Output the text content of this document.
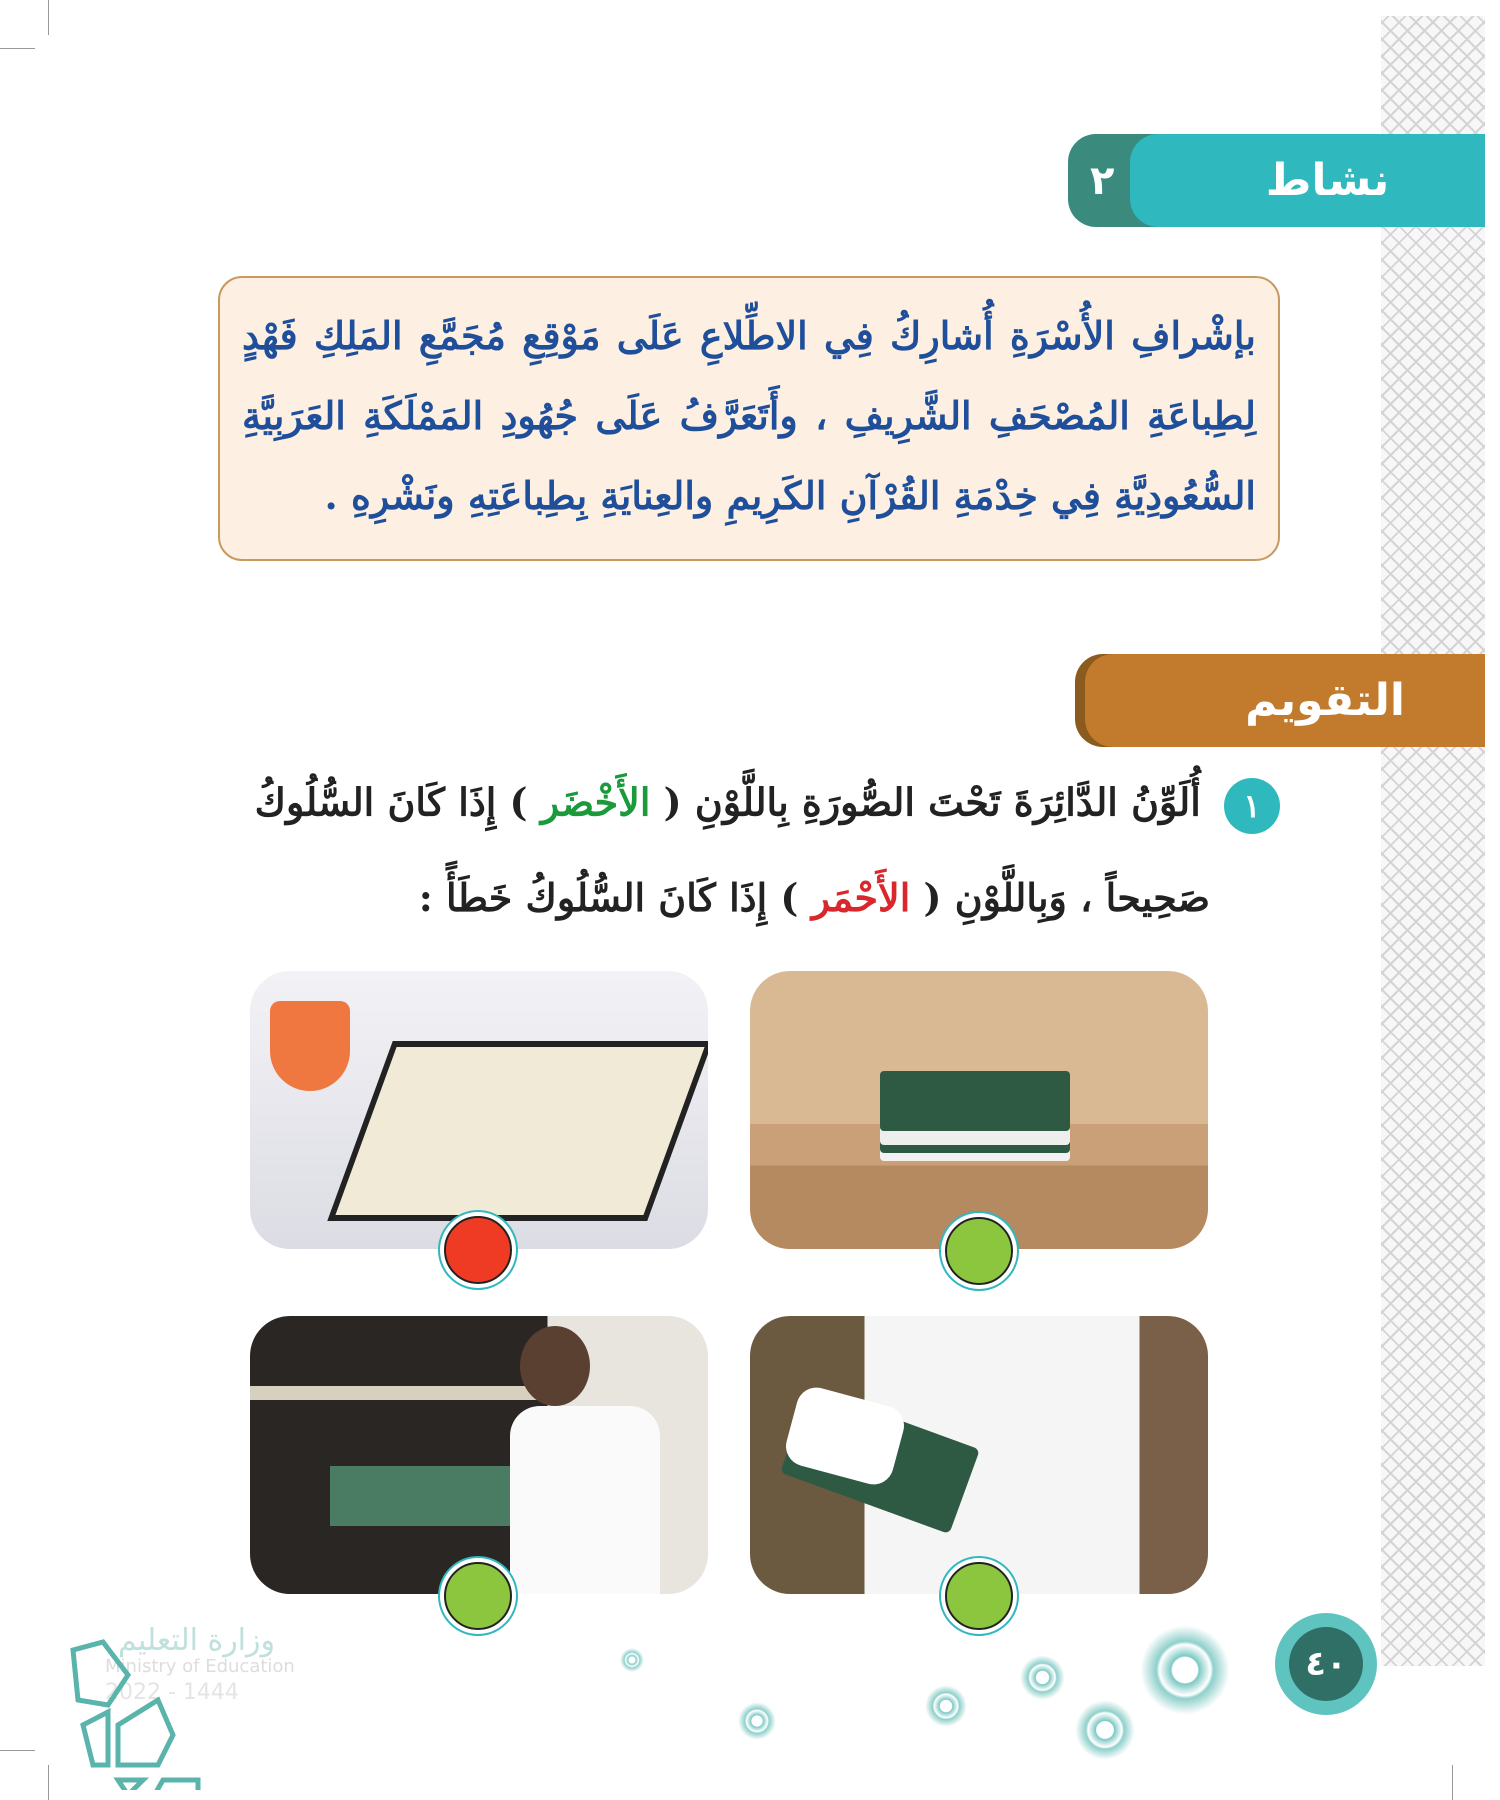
٢	نشاط
بإشْرافِ الأُسْرَةِ أُشارِكُ فِي الاطِّلاعِ عَلَى مَوْقِعِ مُجَمَّعِ المَلِكِ فَهْدٍ لِطِباعَةِ المُصْحَفِ الشَّرِيفِ ، وأَتَعَرَّفُ عَلَى جُهُودِ المَمْلَكَةِ العَرَبِيَّةِ السُّعُودِيَّةِ فِي خِدْمَةِ القُرْآنِ الكَرِيمِ والعِنايَةِ بِطِباعَتِهِ ونَشْرِهِ .
التقويم
١ أُلَوِّنُ الدَّائِرَةَ تَحْتَ الصُّورَةِ بِاللَّوْنِ ( الأَخْضَر ) إِذَا كَانَ السُّلُوكُ
صَحِيحاً ، وَبِاللَّوْنِ ( الأَحْمَر ) إِذَا كَانَ السُّلُوكُ خَطَأً :
٤٠
وزارة التعليم
Ministry of Education
2022 - 1444
